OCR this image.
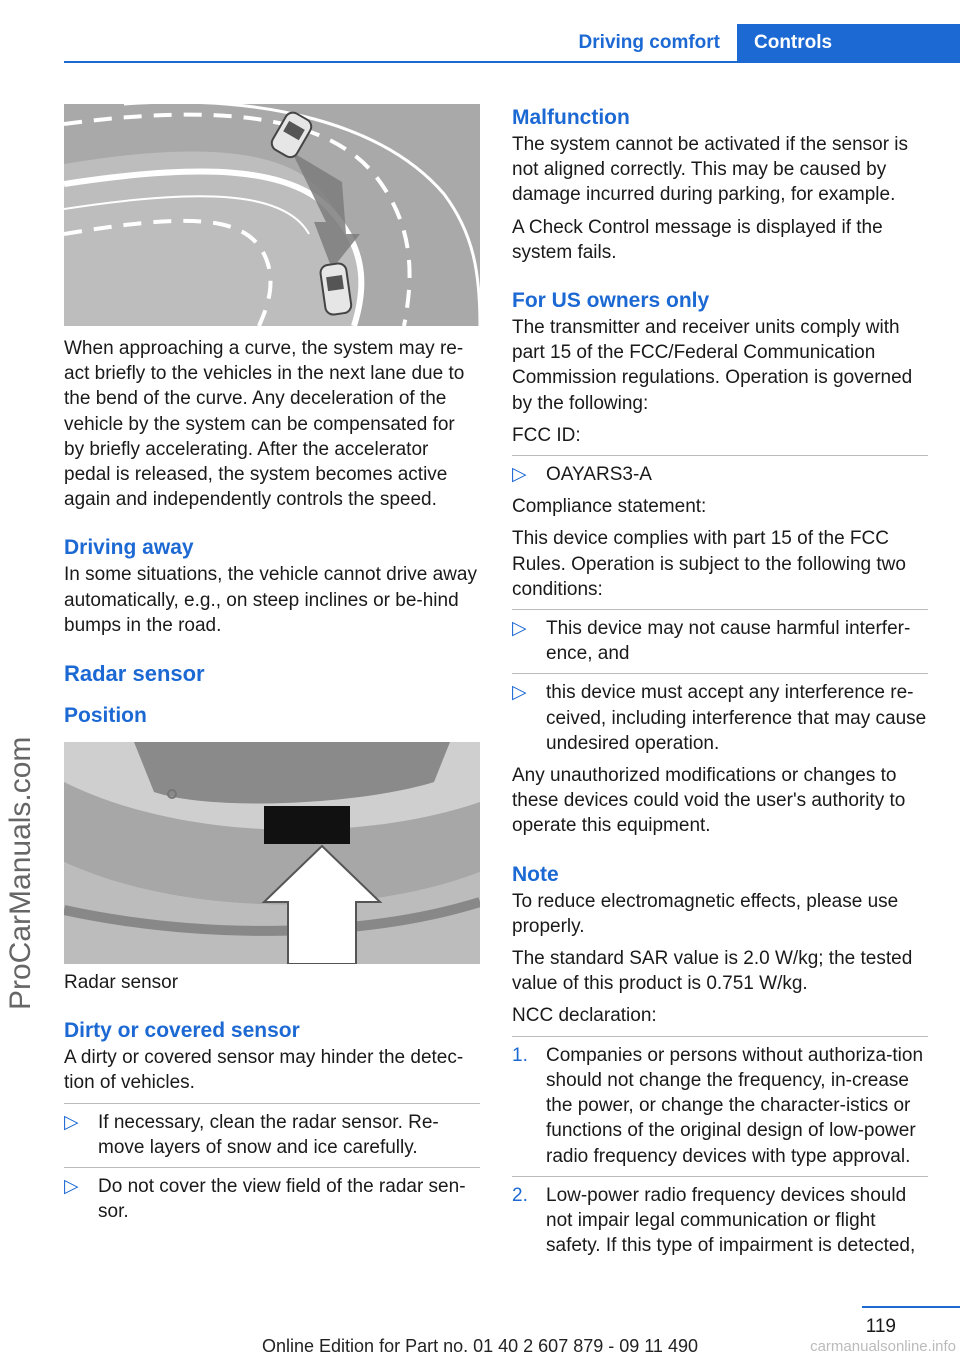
Driving comfort	Controls
ProCarManuals.com

When approaching a curve, the system may re-act briefly to the vehicles in the next lane due to the bend of the curve. Any deceleration of the vehicle by the system can be compensated for by briefly accelerating. After the accelerator pedal is released, the system becomes active again and independently controls the speed.

Driving away

In some situations, the vehicle cannot drive away automatically, e.g., on steep inclines or be-hind bumps in the road.

Radar sensor
Position

Radar sensor

Dirty or covered sensor

A dirty or covered sensor may hinder the detec-tion of vehicles.

▷ If necessary, clean the radar sensor. Re-move layers of snow and ice carefully.
▷ Do not cover the view field of the radar sen-sor.
Malfunction

The system cannot be activated if the sensor is not aligned correctly. This may be caused by damage incurred during parking, for example.

A Check Control message is displayed if the system fails.

For US owners only

The transmitter and receiver units comply with part 15 of the FCC/Federal Communication Commission regulations. Operation is governed by the following:

FCC ID:

▷ OAYARS3-A

Compliance statement:

This device complies with part 15 of the FCC Rules. Operation is subject to the following two conditions:

▷ This device may not cause harmful interfer-ence, and
▷ this device must accept any interference re-ceived, including interference that may cause undesired operation.

Any unauthorized modifications or changes to these devices could void the user's authority to operate this equipment.

Note

To reduce electromagnetic effects, please use properly.

The standard SAR value is 2.0 W/kg; the tested value of this product is 0.751 W/kg.

NCC declaration:

1. Companies or persons without authoriza-tion should not change the frequency, in-crease the power, or change the character-istics or functions of the original design of low-power radio frequency devices with type approval.
2. Low-power radio frequency devices should not impair legal communication or flight safety. If this type of impairment is detected,
119
Online Edition for Part no. 01 40 2 607 879 - 09 11 490	carmanualsonline.info
